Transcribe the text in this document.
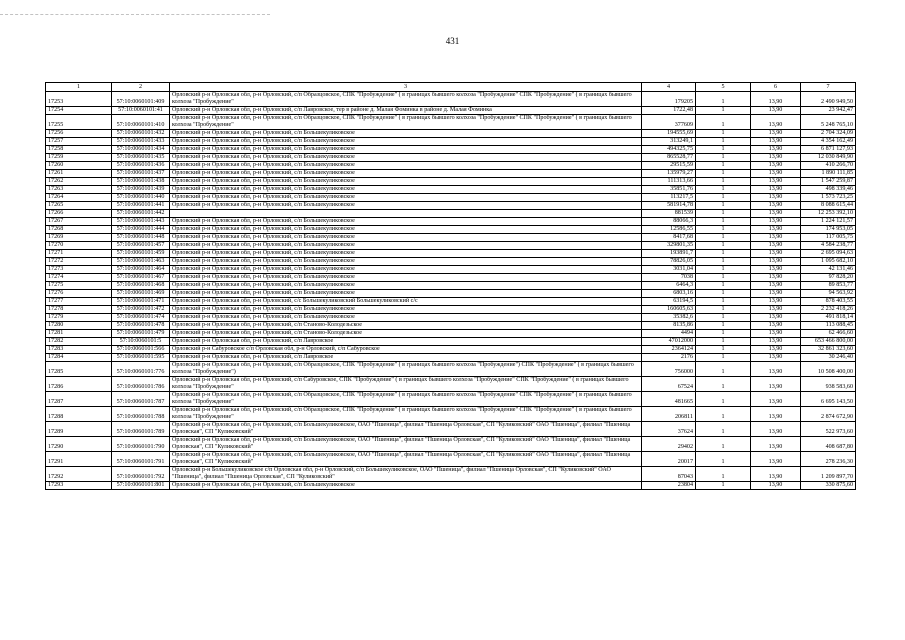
431
1	2	3	4	5	6	7
17253	57:10:0060101:409	Орловский р-н Орловская обл, р-н Орловский, с/п Образцовское, СПК "Пробуждение" ( в границах бывшего колхоза "Пробуждение" СПК "Пробуждение" ( в границах бывшего колхоза "Пробуждение"	179205	1	13,90	2 490 949,50
17254	57:10:0060101:41	Орловский р-н Орловская обл, р-н Орловский, с/п Лавровское, тер в районе д. Малая Фоминка в районе д. Малая Фоминка	1722,48	1	13,90	23 942,47
17255	57:10:0060101:410	Орловский р-н Орловская обл, р-н Орловский, с/п Образцовское, СПК "Пробуждение" ( в границах бывшего колхоза "Пробуждение" СПК "Пробуждение" ( в границах бывшего колхоза "Пробуждение"	377609	1	13,90	5 248 765,10
17256	57:10:0060101:432	Орловский р-н Орловская обл, р-н Орловский, с/п Большекуликовское	194555,69	1	13,90	2 704 324,09
17257	57:10:0060101:433	Орловский р-н Орловская обл, р-н Орловский, с/п Большекуликовское	313249,1	1	13,90	4 354 162,49
17258	57:10:0060101:434	Орловский р-н Орловская обл, р-н Орловский, с/п Большекуликовское	494325,75	1	13,90	6 871 127,93
17259	57:10:0060101:435	Орловский р-н Орловская обл, р-н Орловский, с/п Большекуликовское	865528,77	1	13,90	12 030 849,90
17260	57:10:0060101:436	Орловский р-н Орловская обл, р-н Орловский, с/п Большекуликовское	29515,59	1	13,90	410 266,70
17261	57:10:0060101:437	Орловский р-н Орловская обл, р-н Орловский, с/п Большекуликовское	135979,27	1	13,90	1 890 111,85
17262	57:10:0060101:438	Орловский р-н Орловская обл, р-н Орловский, с/п Большекуликовское	111313,66	1	13,90	1 547 259,87
17263	57:10:0060101:439	Орловский р-н Орловская обл, р-н Орловский, с/п Большекуликовское	35851,76	1	13,90	498 339,46
17264	57:10:0060101:440	Орловский р-н Орловская обл, р-н Орловский, с/п Большекуликовское	113217,5	1	13,90	1 573 723,25
17265	57:10:0060101:441	Орловский р-н Орловская обл, р-н Орловский, с/п Большекуликовское	581914,78	1	13,90	8 088 615,44
17266	57:10:0060101:442		881539	1	13,90	12 253 392,10
17267	57:10:0060101:443	Орловский р-н Орловская обл, р-н Орловский, с/п Большекуликовское	88066,3	1	13,90	1 224 121,57
17268	57:10:0060101:444	Орловский р-н Орловская обл, р-н Орловский, с/п Большекуликовское	12586,55	1	13,90	174 953,05
17269	57:10:0060101:448	Орловский р-н Орловская обл, р-н Орловский, с/п Большекуликовское	8417,68	1	13,90	117 005,75
17270	57:10:0060101:457	Орловский р-н Орловская обл, р-н Орловский, с/п Большекуликовское	329801,35	1	13,90	4 584 238,77
17271	57:10:0060101:459	Орловский р-н Орловская обл, р-н Орловский, с/п Большекуликовское	193891,7	1	13,90	2 695 094,63
17272	57:10:0060101:463	Орловский р-н Орловская обл, р-н Орловский, с/п Большекуликовское	78826,05	1	13,90	1 095 682,10
17273	57:10:0060101:464	Орловский р-н Орловская обл, р-н Орловский, с/п Большекуликовское	3031,04	1	13,90	42 131,46
17274	57:10:0060101:467	Орловский р-н Орловская обл, р-н Орловский, с/п Большекуликовское	7038	1	13,90	97 828,20
17275	57:10:0060101:468	Орловский р-н Орловская обл, р-н Орловский, с/п Большекуликовское	6464,3	1	13,90	89 853,77
17276	57:10:0060101:469	Орловский р-н Орловская обл, р-н Орловский, с/п Большекуликовское	6803,16	1	13,90	94 563,92
17277	57:10:0060101:471	Орловский р-н Орловская обл, р-н Орловский, с/с Большекуликовский Большекуликовский с/с	63194,5	1	13,90	878 403,55
17278	57:10:0060101:472	Орловский р-н Орловская обл, р-н Орловский, с/п Большекуликовское	160605,63	1	13,90	2 232 418,26
17279	57:10:0060101:474	Орловский р-н Орловская обл, р-н Орловский, с/п Большекуликовское	35382,6	1	13,90	491 818,14
17280	57:10:0060101:478	Орловский р-н Орловская обл, р-н Орловский, с/п Станово-Колодезьское	8135,86	1	13,90	113 088,45
17281	57:10:0060101:479	Орловский р-н Орловская обл, р-н Орловский, с/п Станово-Колодезьское	4494	1	13,90	62 466,60
17282	57:10:0060101:5	Орловский р-н Орловская обл, р-н Орловский, с/п Лавровское	47012000	1	13,90	653 466 800,00
17283	57:10:0060101:566	Орловский р-н Сабуровское с/п Орловская обл, р-н Орловский, с/п Сабуровское	2364124	1	13,90	32 861 323,60
17284	57:10:0060101:595	Орловский р-н Орловская обл, р-н Орловский, с/п Лавровское	2176	1	13,90	30 246,40
17285	57:10:0060101:776	Орловский р-н Орловская обл, р-н Орловский, с/п Образцовское, СПК "Пробуждение" ( в границах бывшего колхоза "Пробуждение") СПК "Пробуждение" ( в границах бывшего колхоза "Пробуждение")	756000	1	13,90	10 508 400,00
17286	57:10:0060101:786	Орловский р-н Орловская обл, р-н Орловский, с/п Сабуровское, СПК "Пробуждение" ( в границах бывшего колхоза "Пробуждение" СПК "Пробуждение" ( в границах бывшего колхоза "Пробуждение"	67524	1	13,90	938 583,60
17287	57:10:0060101:787	Орловский р-н Орловская обл, р-н Орловский, с/п Образцовское, СПК "Пробуждение" ( в границах бывшего колхоза "Пробуждение" СПК "Пробуждение" ( в границах бывшего колхоза "Пробуждение"	481665	1	13,90	6 695 143,50
17288	57:10:0060101:788	Орловский р-н Орловская обл, р-н Орловский, с/п Образцовское, СПК "Пробуждение" ( в границах бывшего колхоза "Пробуждение" СПК "Пробуждение" ( в границах бывшего колхоза "Пробуждение"	206811	1	13,90	2 874 672,90
17289	57:10:0060101:789	Орловский р-н Орловская обл, р-н Орловский, с/п Большекуликовское, ОАО "Пшеница", филиал "Пшеница Орловская", СП "Куликовский" ОАО "Пшеница", филиал "Пшеница Орловская", СП "Куликовский"	37624	1	13,90	522 973,60
17290	57:10:0060101:790	Орловский р-н Орловская обл, р-н Орловский, с/п Большекуликовское, ОАО "Пшеница", филиал "Пшеница Орловская", СП "Куликовский" ОАО "Пшеница", филиал "Пшеница Орловская", СП "Куликовский"	29402	1	13,90	408 687,80
17291	57:10:0060101:791	Орловский р-н Орловская обл, р-н Орловский, с/п Большекуликовское, ОАО "Пшеница", филиал "Пшеница Орловская", СП "Куликовский" ОАО "Пшеница", филиал "Пшеница Орловская", СП "Куликовский"	20017	1	13,90	278 236,30
17292	57:10:0060101:792	Орловский р-н Большекуликовское с/п Орловская обл, р-н Орловский, с/п Большекуликовское, ОАО "Пшеница", филиал "Пшеница Орловская", СП "Куликовский" ОАО "Пшеница", филиал "Пшеница Орловская", СП "Куликовский"	87043	1	13,90	1 209 897,70
17293	57:10:0060101:801	Орловский р-н Орловская обл, р-н Орловский, с/п Большекуликовское	23804	1	13,90	330 875,60
